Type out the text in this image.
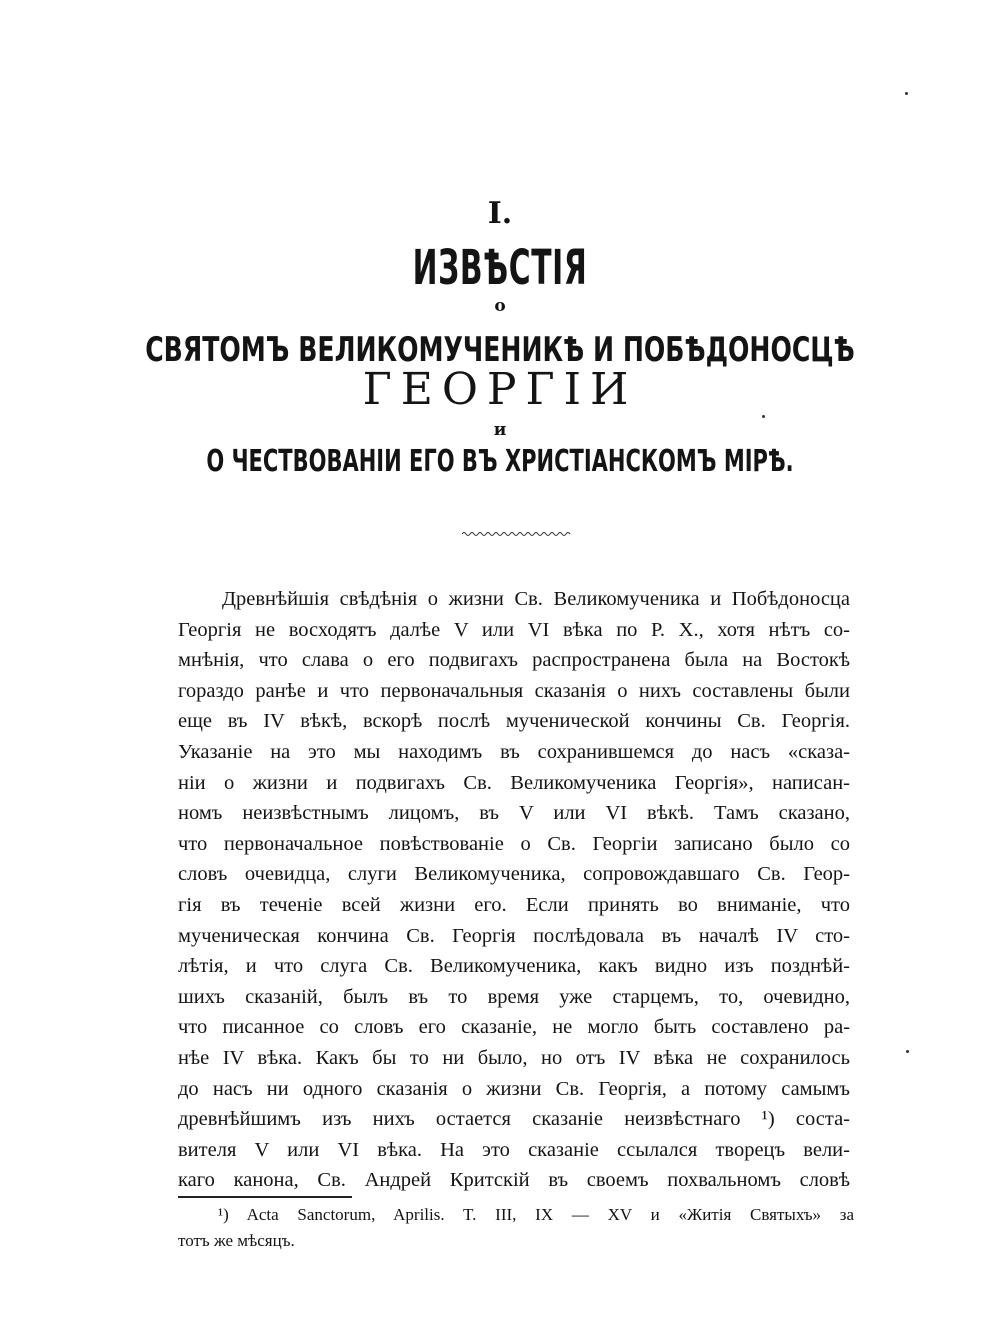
I.
ИЗВѢСТІЯ
о
СВЯТОМЪ ВЕЛИКОМУЧЕНИКѢ И ПОБѢДОНОСЦѢ
ГЕОРГІИ
и
О ЧЕСТВОВАНІИ ЕГО ВЪ ХРИСТІАНСКОМЪ МІРѢ.
Древнѣйшія свѣдѣнія о жизни Св. Великомученика и Побѣдоносца
Георгія не восходятъ далѣе V или VI вѣка по Р. Х., хотя нѣтъ со-
мнѣнія, что слава о его подвигахъ распространена была на Востокѣ
гораздо ранѣе и что первоначальныя сказанія о нихъ составлены были
еще въ IV вѣкѣ, вскорѣ послѣ мученической кончины Св. Георгія.
Указаніе на это мы находимъ въ сохранившемся до насъ «сказа-
ніи о жизни и подвигахъ Св. Великомученика Георгія», написан-
номъ неизвѣстнымъ лицомъ, въ V или VI вѣкѣ. Тамъ сказано,
что первоначальное повѣствованіе о Св. Георгіи записано было со
словъ очевидца, слуги Великомученика, сопровождавшаго Св. Геор-
гія въ теченіе всей жизни его. Если принять во вниманіе, что
мученическая кончина Св. Георгія послѣдовала въ началѣ IV сто-
лѣтія, и что слуга Св. Великомученика, какъ видно изъ позднѣй-
шихъ сказаній, былъ въ то время уже старцемъ, то, очевидно,
что писанное со словъ его сказаніе, не могло быть составлено ра-
нѣе IV вѣка. Какъ бы то ни было, но отъ IV вѣка не сохранилось
до насъ ни одного сказанія о жизни Св. Георгія, а потому самымъ
древнѣйшимъ изъ нихъ остается сказаніе неизвѣстнаго ¹) соста-
вителя V или VI вѣка. На это сказаніе ссылался творецъ вели-
каго канона, Св. Андрей Критскій въ своемъ похвальномъ словѣ
¹) Acta Sanctorum, Aprilis. T. III, IX — XV и «Житія Святыхъ» за
тотъ же мѣсяцъ.
